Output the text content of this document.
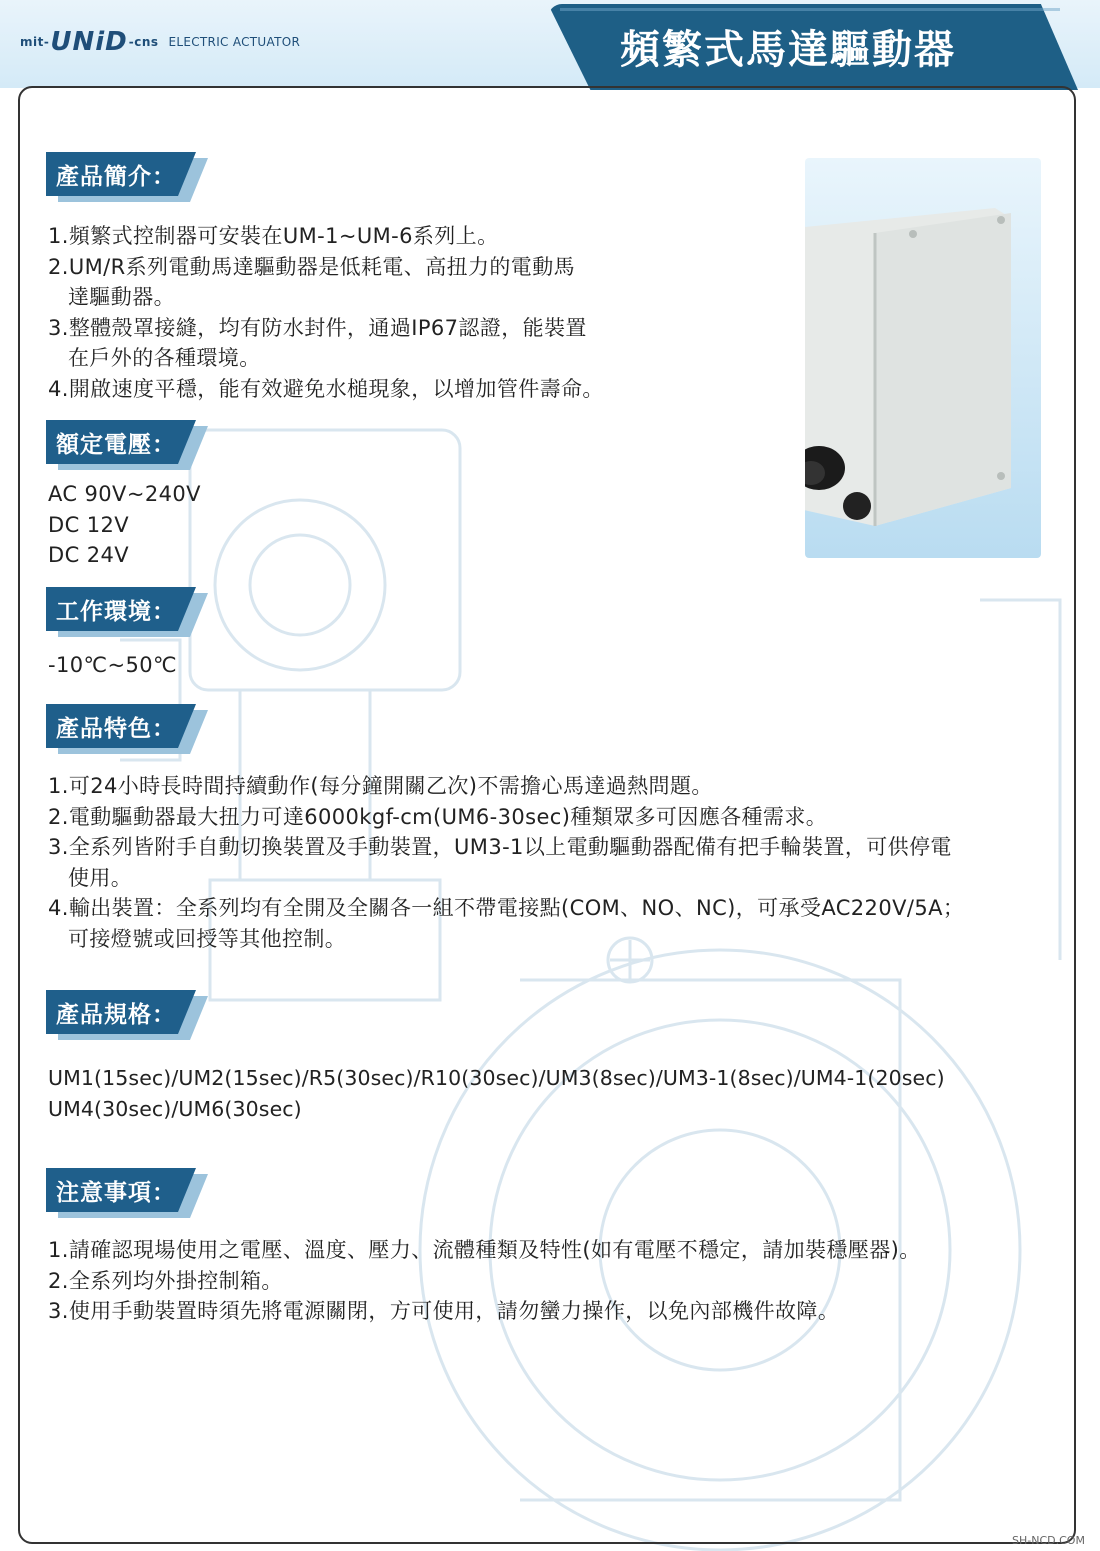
mit- UNiD -cns ELECTRIC ACTUATOR	頻繁式馬達驅動器
產品簡介：
1.頻繁式控制器可安裝在UM-1~UM-6系列上。
2.UM/R系列電動馬達驅動器是低耗電、高扭力的電動馬
達驅動器。
3.整體殼罩接縫，均有防水封件，通過IP67認證，能裝置
在戶外的各種環境。
4.開啟速度平穩，能有效避免水槌現象，以增加管件壽命。
額定電壓：
AC 90V~240V
DC 12V
DC 24V
工作環境：
-10℃~50℃
產品特色：
1.可24小時長時間持續動作(每分鐘開關乙次)不需擔心馬達過熱問題。
2.電動驅動器最大扭力可達6000kgf-cm(UM6-30sec)種類眾多可因應各種需求。
3.全系列皆附手自動切換裝置及手動裝置，UM3-1以上電動驅動器配備有把手輪裝置，可供停電
使用。
4.輸出裝置：全系列均有全開及全關各一組不帶電接點(COM、NO、NC)，可承受AC220V/5A；
可接燈號或回授等其他控制。
產品規格：
UM1(15sec)/UM2(15sec)/R5(30sec)/R10(30sec)/UM3(8sec)/UM3-1(8sec)/UM4-1(20sec)
UM4(30sec)/UM6(30sec)
注意事項：
1.請確認現場使用之電壓、溫度、壓力、流體種類及特性(如有電壓不穩定，請加裝穩壓器)。
2.全系列均外掛控制箱。
3.使用手動裝置時須先將電源關閉，方可使用，請勿蠻力操作，以免內部機件故障。
SH-NCD.COM
